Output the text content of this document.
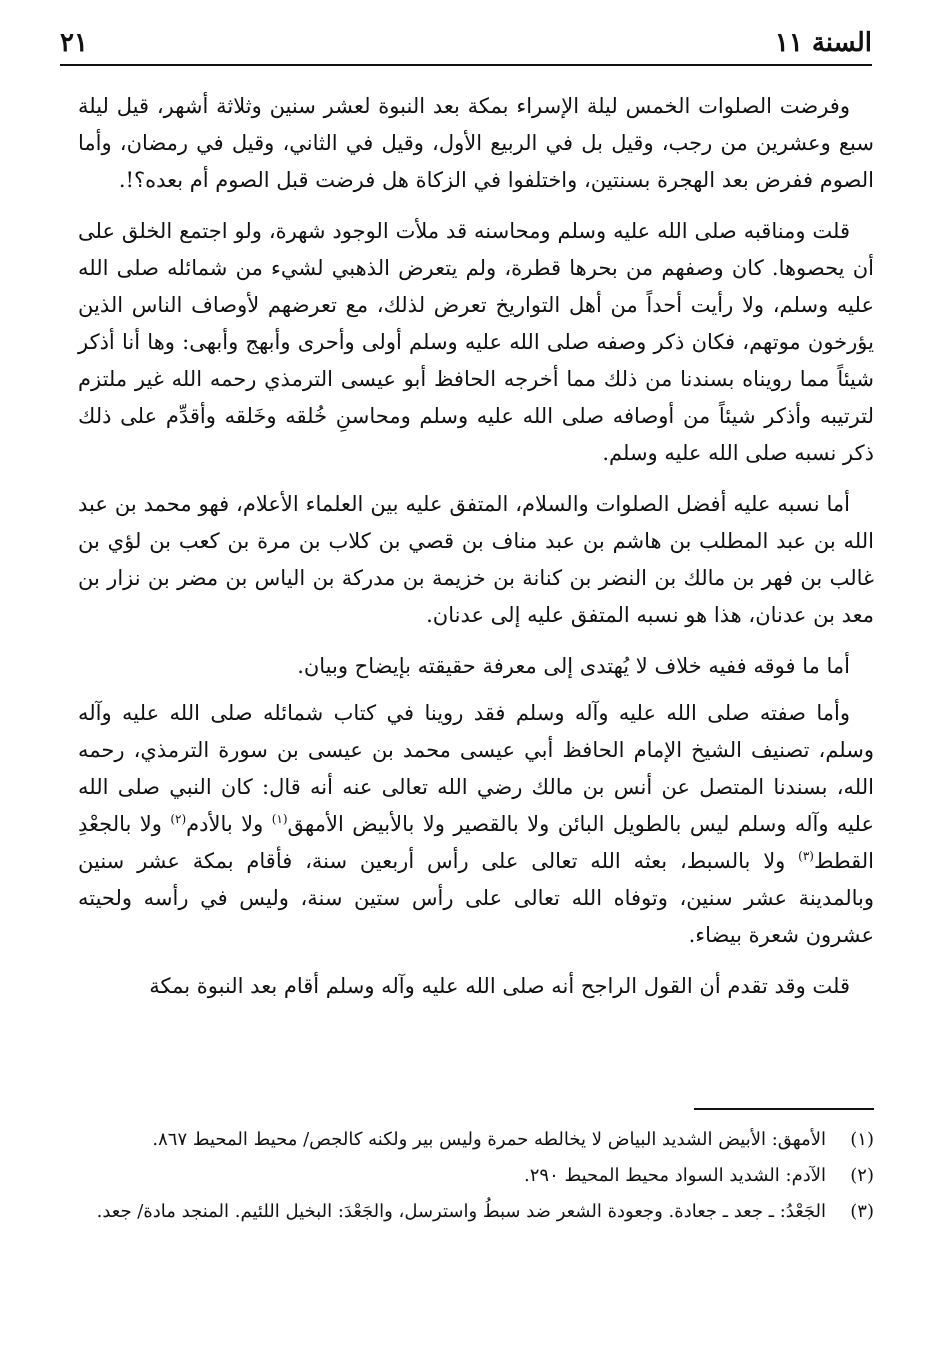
السنة ١١
٢١

وفرضت الصلوات الخمس ليلة الإسراء بمكة بعد النبوة لعشر سنين وثلاثة أشهر، قيل ليلة سبع وعشرين من رجب، وقيل بل في الربيع الأول، وقيل في الثاني، وقيل في رمضان، وأما الصوم ففرض بعد الهجرة بسنتين، واختلفوا في الزكاة هل فرضت قبل الصوم أم بعده؟!.

قلت ومناقبه صلى الله عليه وسلم ومحاسنه قد ملأت الوجود شهرة، ولو اجتمع الخلق على أن يحصوها. كان وصفهم من بحرها قطرة، ولم يتعرض الذهبي لشيء من شمائله صلى الله عليه وسلم، ولا رأيت أحداً من أهل التواريخ تعرض لذلك، مع تعرضهم لأوصاف الناس الذين يؤرخون موتهم، فكان ذكر وصفه صلى الله عليه وسلم أولى وأحرى وأبهج وأبهى: وها أنا أذكر شيئاً مما رويناه بسندنا من ذلك مما أخرجه الحافظ أبو عيسى الترمذي رحمه الله غير ملتزم لترتيبه وأذكر شيئاً من أوصافه صلى الله عليه وسلم ومحاسنِ خُلقه وخَلقه وأقدِّم على ذلك ذكر نسبه صلى الله عليه وسلم.

أما نسبه عليه أفضل الصلوات والسلام، المتفق عليه بين العلماء الأعلام، فهو محمد بن عبد الله بن عبد المطلب بن هاشم بن عبد مناف بن قصي بن كلاب بن مرة بن كعب بن لؤي بن غالب بن فهر بن مالك بن النضر بن كنانة بن خزيمة بن مدركة بن الياس بن مضر بن نزار بن معد بن عدنان، هذا هو نسبه المتفق عليه إلى عدنان.

أما ما فوقه ففيه خلاف لا يُهتدى إلى معرفة حقيقته بإيضاح وبيان.

وأما صفته صلى الله عليه وآله وسلم فقد روينا في كتاب شمائله صلى الله عليه وآله وسلم، تصنيف الشيخ الإمام الحافظ أبي عيسى محمد بن عيسى بن سورة الترمذي، رحمه الله، بسندنا المتصل عن أنس بن مالك رضي الله تعالى عنه أنه قال: كان النبي صلى الله عليه وآله وسلم ليس بالطويل البائن ولا بالقصير ولا بالأبيض الأمهق$^{(١)}$ ولا بالأدم$^{(٢)}$ ولا بالجعْدِ القطط$^{(٣)}$ ولا بالسبط، بعثه الله تعالى على رأس أربعين سنة، فأقام بمكة عشر سنين وبالمدينة عشر سنين، وتوفاه الله تعالى على رأس ستين سنة، وليس في رأسه ولحيته عشرون شعرة بيضاء.

قلت وقد تقدم أن القول الراجح أنه صلى الله عليه وآله وسلم أقام بعد النبوة بمكة

(١)
الأمهق: الأبيض الشديد البياض لا يخالطه حمرة وليس بير ولكنه كالجص/ محيط المحيط ٨٦٧.
(٢)
الآدم: الشديد السواد محيط المحيط ٢٩٠.
(٣)
الجَعْدُ: ـ جعد ـ جعادة. وجعودة الشعر ضد سبطُ واسترسل، والجَعْدَ: البخيل اللئيم. المنجد مادة/ جعد.
